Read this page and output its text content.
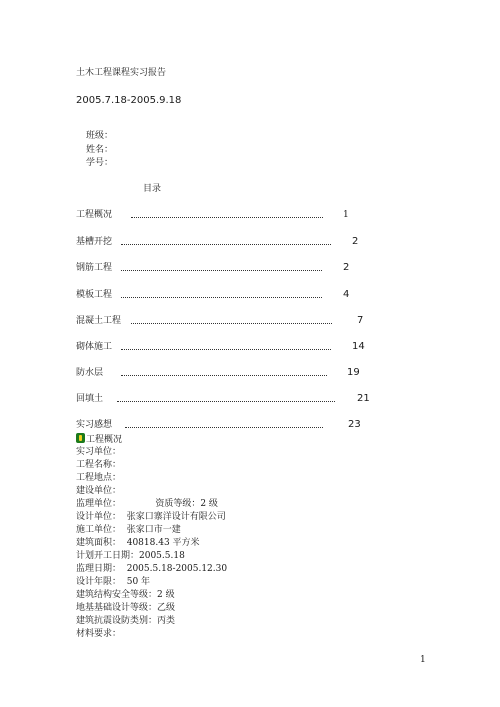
土木工程课程实习报告
2005.7.18-2005.9.18
班级：
姓名：
学号：
目录
工程概况	1
基槽开挖	2
钢筋工程	2
模板工程	4
混凝土工程	7
砌体施工	14
防水层	19
回填土	21
实习感想	23
工程概况
实习单位：
工程名称：
工程地点：
建设单位：
监理单位：            资质等级：2 级
设计单位：  张家口寨洋设计有限公司
施工单位：  张家口市一建
建筑面积：  40818.43 平方米
计划开工日期：2005.5.18
监理日期：  2005.5.18-2005.12.30
设计年限：  50 年
建筑结构安全等级：2 级
地基基础设计等级：乙级
建筑抗震设防类别：丙类
材料要求：
1
